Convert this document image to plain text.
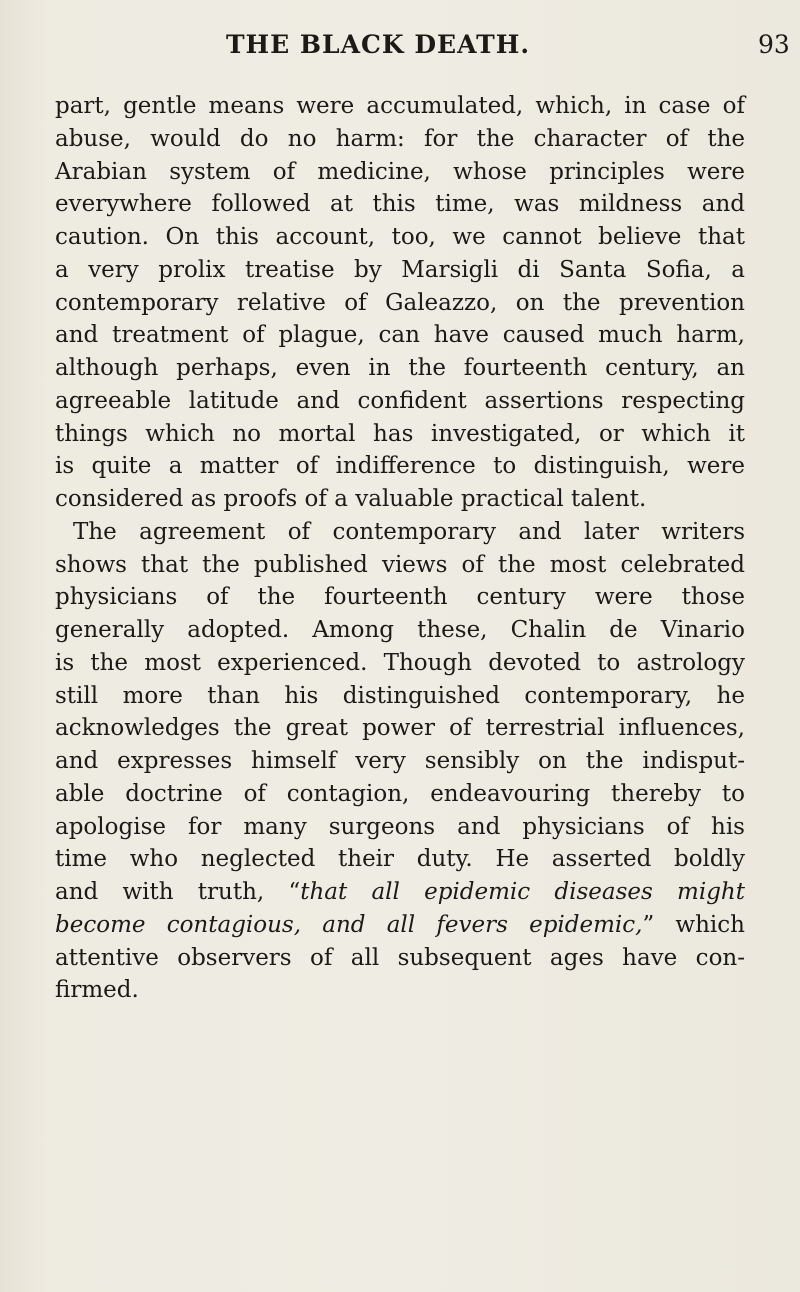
THE BLACK DEATH.	93
part, gentle means were accumulated, which, in case of
abuse, would do no harm: for the character of the
Arabian system of medicine, whose principles were
everywhere followed at this time, was mildness and
caution. On this account, too, we cannot believe that
a very prolix treatise by Marsigli di Santa Sofia, a
contemporary relative of Galeazzo, on the prevention
and treatment of plague, can have caused much harm,
although perhaps, even in the fourteenth century, an
agreeable latitude and confident assertions respecting
things which no mortal has investigated, or which it
is quite a matter of indifference to distinguish, were
considered as proofs of a valuable practical talent.
The agreement of contemporary and later writers
shows that the published views of the most celebrated
physicians of the fourteenth century were those
generally adopted. Among these, Chalin de Vinario
is the most experienced. Though devoted to astrology
still more than his distinguished contemporary, he
acknowledges the great power of terrestrial influences,
and expresses himself very sensibly on the indisput-
able doctrine of contagion, endeavouring thereby to
apologise for many surgeons and physicians of his
time who neglected their duty. He asserted boldly
and with truth, “that all epidemic diseases might
become contagious, and all fevers epidemic,” which
attentive observers of all subsequent ages have con-
firmed.
